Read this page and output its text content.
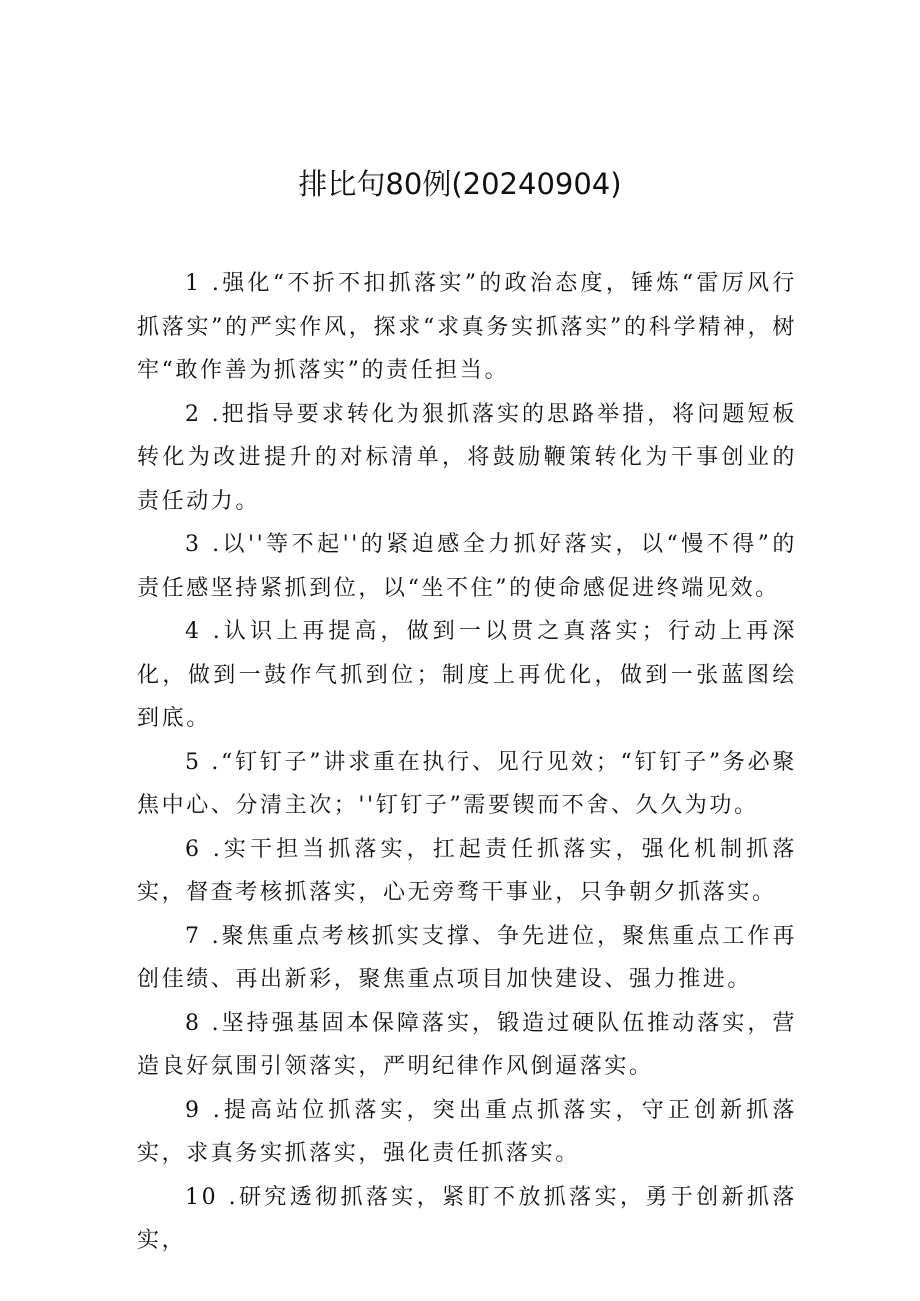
排比句80例(20240904)

1 .强化“不折不扣抓落实”的政治态度，锤炼“雷厉风行抓落实”的严实作风，探求“求真务实抓落实”的科学精神，树牢“敢作善为抓落实”的责任担当。

2 .把指导要求转化为狠抓落实的思路举措，将问题短板转化为改进提升的对标清单，将鼓励鞭策转化为干事创业的责任动力。

3 .以''等不起''的紧迫感全力抓好落实，以“慢不得”的责任感坚持紧抓到位，以“坐不住”的使命感促进终端见效。

4 .认识上再提高，做到一以贯之真落实；行动上再深化，做到一鼓作气抓到位；制度上再优化，做到一张蓝图绘到底。

5 .“钉钉子”讲求重在执行、见行见效；“钉钉子”务必聚焦中心、分清主次；''钉钉子”需要锲而不舍、久久为功。

6 .实干担当抓落实，扛起责任抓落实，强化机制抓落实，督查考核抓落实，心无旁骛干事业，只争朝夕抓落实。

7 .聚焦重点考核抓实支撑、争先进位，聚焦重点工作再创佳绩、再出新彩，聚焦重点项目加快建设、强力推进。

8 .坚持强基固本保障落实，锻造过硬队伍推动落实，营造良好氛围引领落实，严明纪律作风倒逼落实。

9 .提高站位抓落实，突出重点抓落实，守正创新抓落实，求真务实抓落实，强化责任抓落实。

10 .研究透彻抓落实，紧盯不放抓落实，勇于创新抓落实，
